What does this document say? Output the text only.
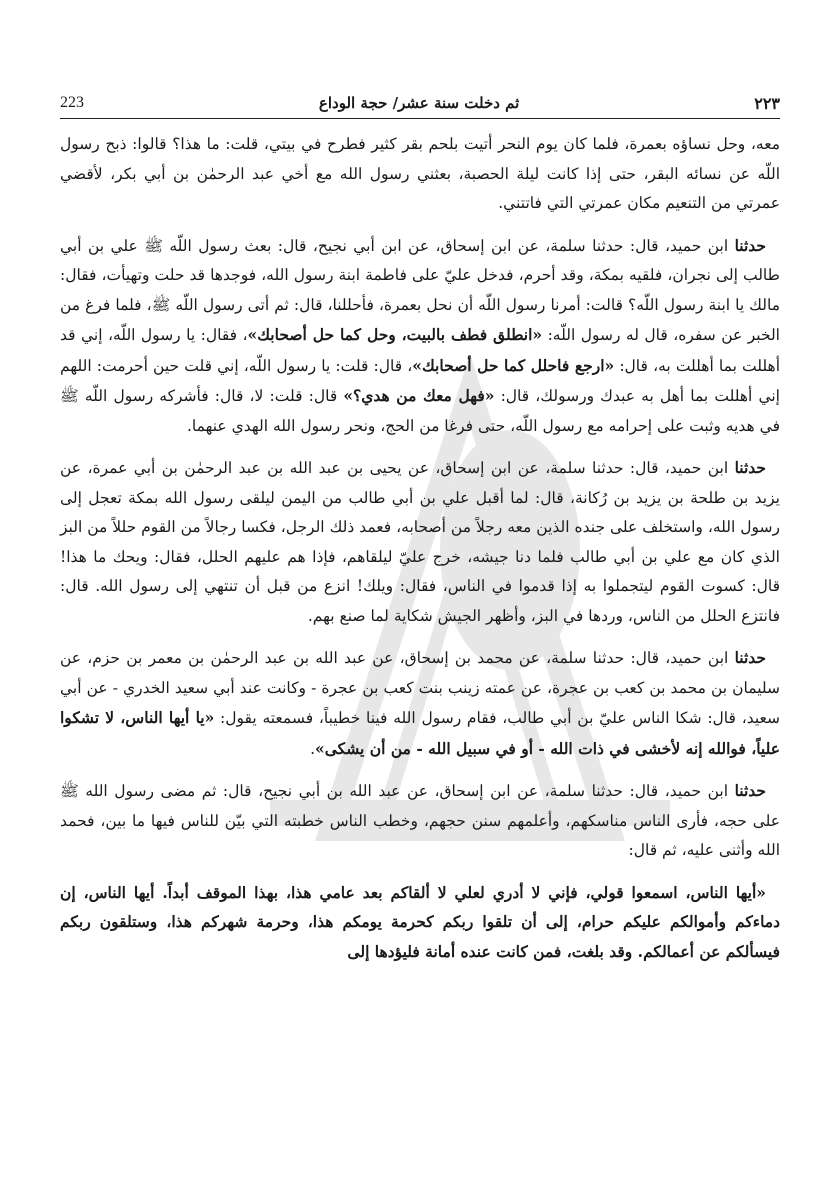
٢٢٣
ثم دخلت سنة عشر/ حجة الوداع
223

معه، وحل نساؤه بعمرة، فلما كان يوم النحر أتيت بلحم بقر كثير فطرح في بيتي، قلت: ما هذا؟ قالوا: ذبح رسول اللّه عن نسائه البقر، حتى إذا كانت ليلة الحصبة، بعثني رسول الله مع أخي عبد الرحمٰن بن أبي بكر، لأقضي عمرتي من التنعيم مكان عمرتي التي فاتتني.

حدثنا ابن حميد، قال: حدثنا سلمة، عن ابن إسحاق، عن ابن أبي نجيح، قال: بعث رسول اللّه ﷺ علي بن أبي طالب إلى نجران، فلقيه بمكة، وقد أحرم، فدخل عليّ على فاطمة ابنة رسول الله، فوجدها قد حلت وتهيأت، فقال: مالك يا ابنة رسول اللّه؟ قالت: أمرنا رسول اللّه أن نحل بعمرة، فأحللنا، قال: ثم أتى رسول اللّه ﷺ، فلما فرغ من الخبر عن سفره، قال له رسول اللّه: «انطلق فطف بالبيت، وحل كما حل أصحابك»، فقال: يا رسول اللّه، إني قد أهللت بما أهللت به، قال: «ارجع فاحلل كما حل أصحابك»، قال: قلت: يا رسول اللّه، إني قلت حين أحرمت: اللهم إني أهللت بما أهل به عبدك ورسولك، قال: «فهل معك من هدي؟» قال: قلت: لا، قال: فأشركه رسول اللّه ﷺ في هديه وثبت على إحرامه مع رسول اللّه، حتى فرغا من الحج، ونحر رسول الله الهدي عنهما.

حدثنا ابن حميد، قال: حدثنا سلمة، عن ابن إسحاق، عن يحيى بن عبد الله بن عبد الرحمٰن بن أبي عمرة، عن يزيد بن طلحة بن يزيد بن رُكانة، قال: لما أقبل علي بن أبي طالب من اليمن ليلقى رسول الله بمكة تعجل إلى رسول الله، واستخلف على جنده الذين معه رجلاً من أصحابه، فعمد ذلك الرجل، فكسا رجالاً من القوم حللاً من البز الذي كان مع علي بن أبي طالب فلما دنا جيشه، خرج عليّ ليلقاهم، فإذا هم عليهم الحلل، فقال: ويحك ما هذا! قال: كسوت القوم ليتجملوا به إذا قدموا في الناس، فقال: ويلك! انزع من قبل أن تنتهي إلى رسول الله. قال: فانتزع الحلل من الناس، وردها في البز، وأظهر الجيش شكاية لما صنع بهم.

حدثنا ابن حميد، قال: حدثنا سلمة، عن محمد بن إسحاق، عن عبد الله بن عبد الرحمٰن بن معمر بن حزم، عن سليمان بن محمد بن كعب بن عجرة، عن عمته زينب بنت كعب بن عجرة - وكانت عند أبي سعيد الخدري - عن أبي سعيد، قال: شكا الناس عليّ بن أبي طالب، فقام رسول الله فينا خطيباً، فسمعته يقول: «يا أيها الناس، لا تشكوا علياً، فوالله إنه لأخشى في ذات الله - أو في سبيل الله - من أن يشكى».

حدثنا ابن حميد، قال: حدثنا سلمة، عن ابن إسحاق، عن عبد الله بن أبي نجيح، قال: ثم مضى رسول الله ﷺ على حجه، فأرى الناس مناسكهم، وأعلمهم سنن حجهم، وخطب الناس خطبته التي بيّن للناس فيها ما بين، فحمد الله وأثنى عليه، ثم قال:

«أيها الناس، اسمعوا قولي، فإني لا أدري لعلي لا ألقاكم بعد عامي هذا، بهذا الموقف أبداً. أيها الناس، إن دماءكم وأموالكم عليكم حرام، إلى أن تلقوا ربكم كحرمة يومكم هذا، وحرمة شهركم هذا، وستلقون ربكم فيسألكم عن أعمالكم. وقد بلغت، فمن كانت عنده أمانة فليؤدها إلى
